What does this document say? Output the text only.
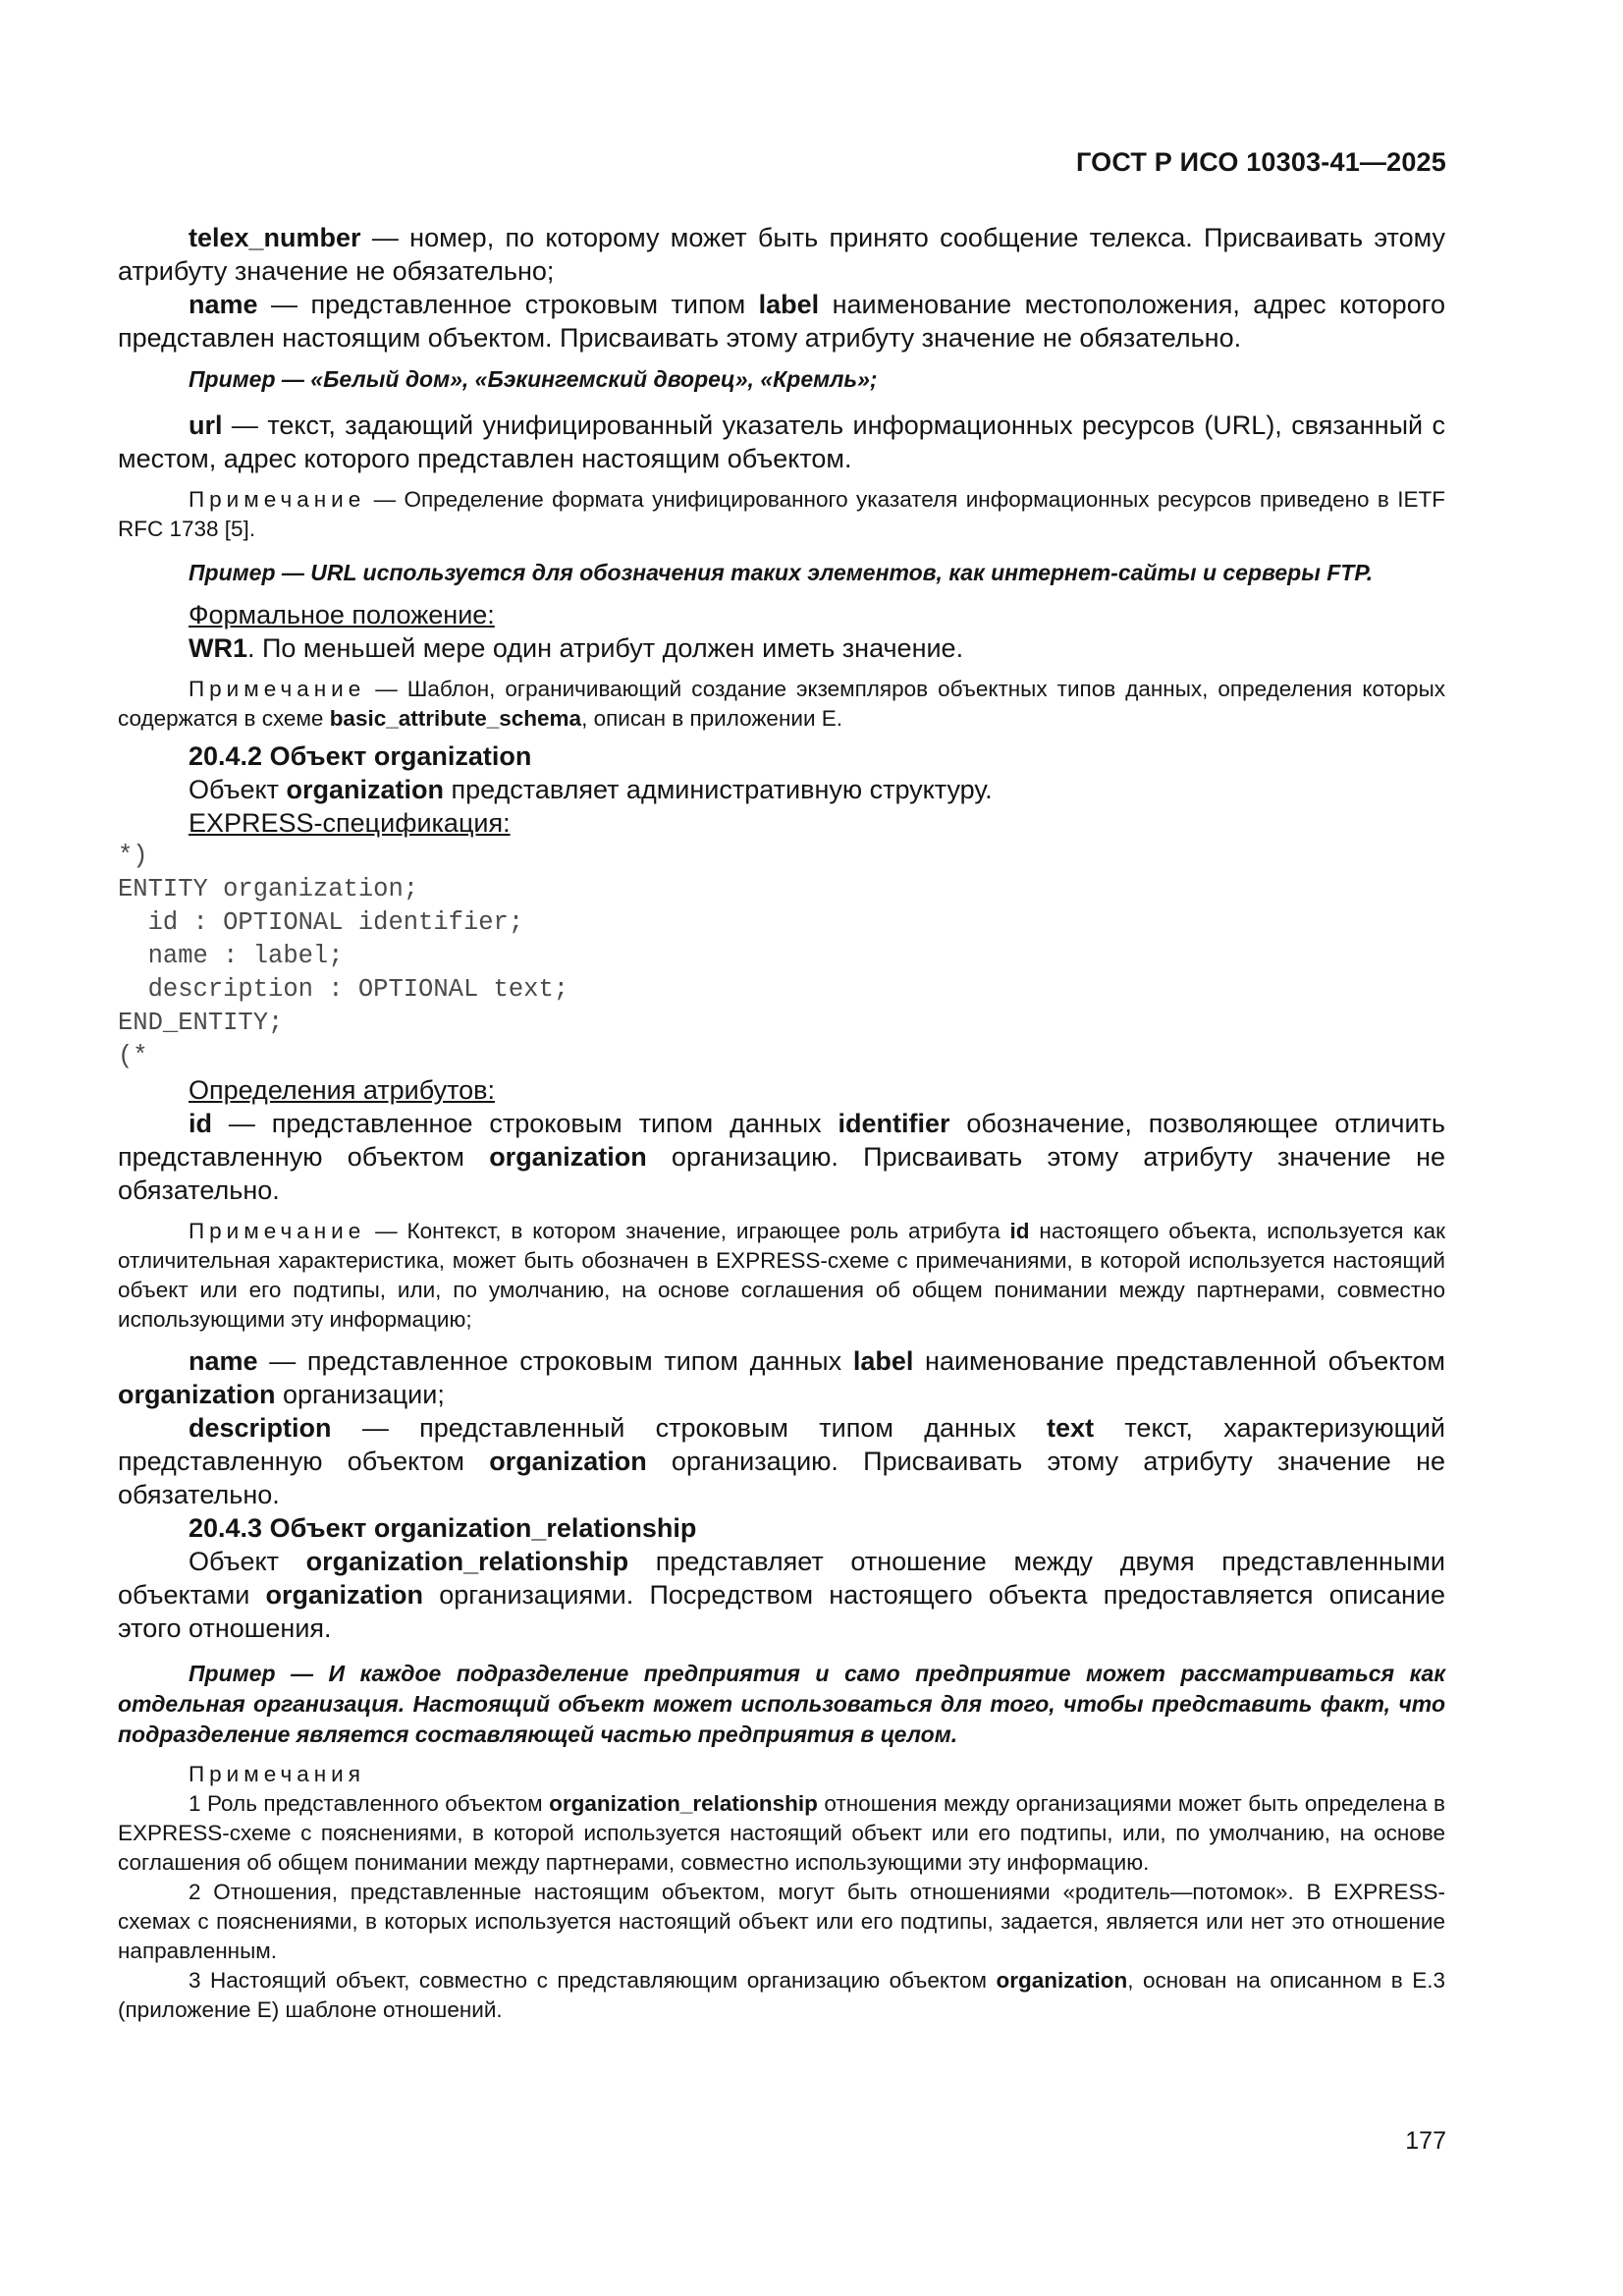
ГОСТ Р ИСО 10303-41—2025

telex_number — номер, по которому может быть принято сообщение телекса. Присваивать этому атрибуту значение не обязательно;

name — представленное строковым типом label наименование местоположения, адрес которого представлен настоящим объектом. Присваивать этому атрибуту значение не обязательно.

Пример — «Белый дом», «Бэкингемский дворец», «Кремль»;

url — текст, задающий унифицированный указатель информационных ресурсов (URL), связанный с местом, адрес которого представлен настоящим объектом.

Примечание — Определение формата унифицированного указателя информационных ресурсов приведено в IETF RFC 1738 [5].

Пример — URL используется для обозначения таких элементов, как интернет-сайты и серверы FTP.

Формальное положение:

WR1. По меньшей мере один атрибут должен иметь значение.

Примечание — Шаблон, ограничивающий создание экземпляров объектных типов данных, определения которых содержатся в схеме basic_attribute_schema, описан в приложении E.

20.4.2 Объект organization

Объект organization представляет административную структуру.

EXPRESS-спецификация:

*)

ENTITY organization;

id : OPTIONAL identifier;

name : label;

description : OPTIONAL text;

END_ENTITY;

(*

Определения атрибутов:

id — представленное строковым типом данных identifier обозначение, позволяющее отличить представленную объектом organization организацию. Присваивать этому атрибуту значение не обязательно.

Примечание — Контекст, в котором значение, играющее роль атрибута id настоящего объекта, используется как отличительная характеристика, может быть обозначен в EXPRESS-схеме с примечаниями, в которой используется настоящий объект или его подтипы, или, по умолчанию, на основе соглашения об общем понимании между партнерами, совместно использующими эту информацию;

name — представленное строковым типом данных label наименование представленной объектом organization организации;

description — представленный строковым типом данных text текст, характеризующий представленную объектом organization организацию. Присваивать этому атрибуту значение не обязательно.

20.4.3 Объект organization_relationship

Объект organization_relationship представляет отношение между двумя представленными объектами organization организациями. Посредством настоящего объекта предоставляется описание этого отношения.

Пример — И каждое подразделение предприятия и само предприятие может рассматриваться как отдельная организация. Настоящий объект может использоваться для того, чтобы представить факт, что подразделение является составляющей частью предприятия в целом.

Примечания

1 Роль представленного объектом organization_relationship отношения между организациями может быть определена в EXPRESS-схеме с пояснениями, в которой используется настоящий объект или его подтипы, или, по умолчанию, на основе соглашения об общем понимании между партнерами, совместно использующими эту информацию.

2 Отношения, представленные настоящим объектом, могут быть отношениями «родитель—потомок». В EXPRESS-схемах с пояснениями, в которых используется настоящий объект или его подтипы, задается, является или нет это отношение направленным.

3 Настоящий объект, совместно с представляющим организацию объектом organization, основан на описанном в E.3 (приложение E) шаблоне отношений.

177
